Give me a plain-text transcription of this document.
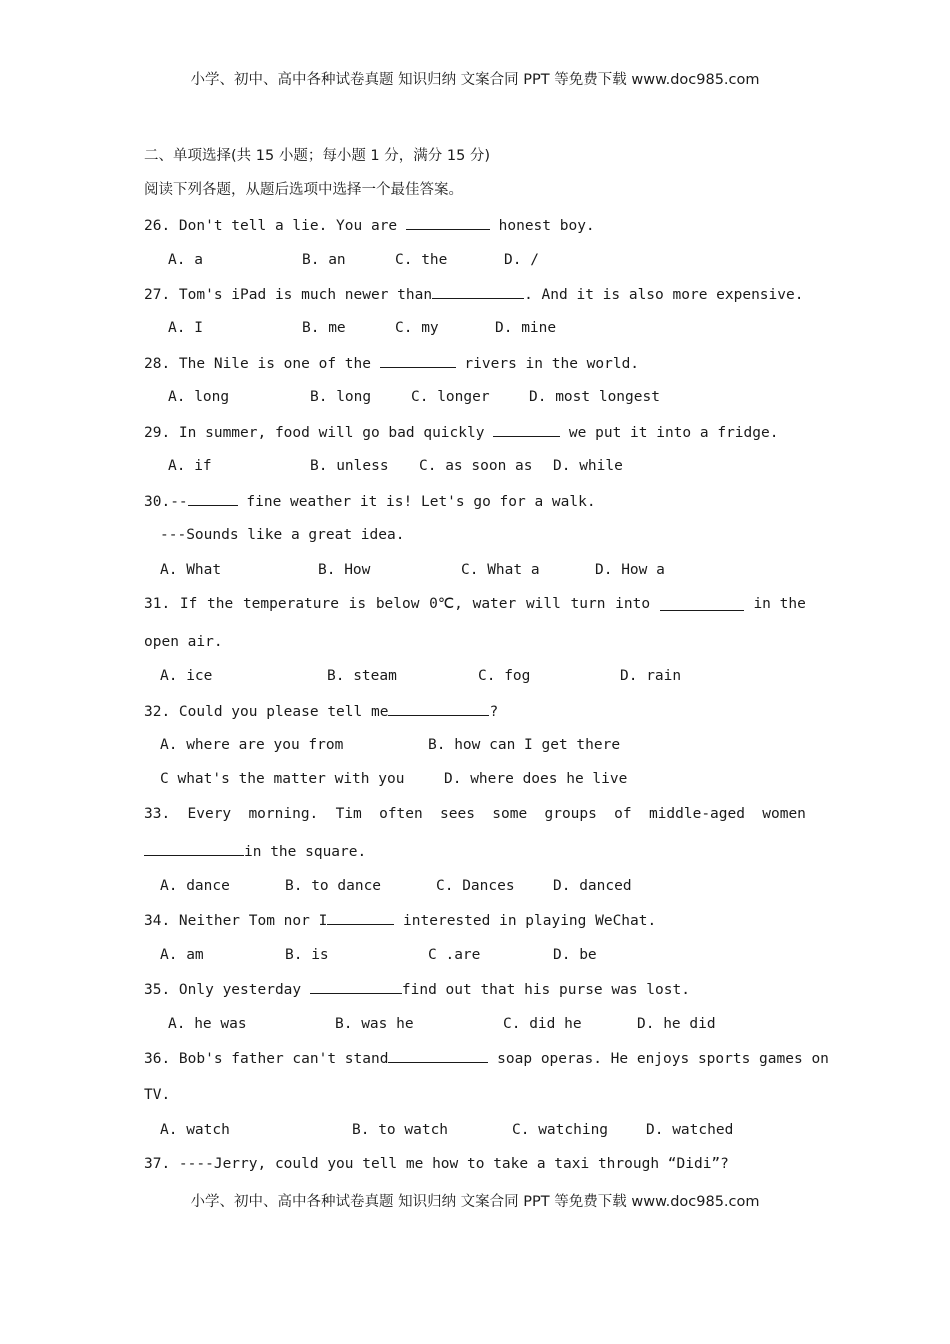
小学、初中、高中各种试卷真题 知识归纳 文案合同 PPT 等免费下载 www.doc985.com
二、单项选择(共 15 小题；每小题 1 分，满分 15 分)
阅读下列各题，从题后选项中选择一个最佳答案。
26. Don't tell a lie. You are	honest boy.
A. a	B. an	C. the	D. /
27. Tom's iPad is much newer than	. And it is also more expensive.
A. I	B. me	C. my	D. mine
28. The Nile is one of the	rivers in the world.
A. long	B. long	C. longer	D. most longest
29. In summer, food will go bad quickly	we put it into a fridge.
A. if	B. unless C. as soon as D. while
30.--	fine weather it is! Let's go for a walk.
---Sounds like a great idea.
A. What	B. How	C. What a	D. How a
31. If the temperature is below 0℃, water will turn into	in the
open air.
A. ice	B. steam	C. fog	D. rain
32. Could you please tell me	?
A. where are you from	B. how can I get there
C what's the matter with you	D. where does he live
33. Every morning. Tim often sees some groups of middle-aged women
in the square.
A. dance	B. to dance	C. Dances	D. danced
34. Neither Tom nor I	interested in playing WeChat.
A. am	B. is	C .are	D. be
35. Only yesterday	find out that his purse was lost.
A. he was	B. was he	C. did he	D. he did
36. Bob's father can't stand	soap operas. He enjoys sports games on
TV.
A. watch	B. to watch	C. watching	D. watched
37. ----Jerry, could you tell me how to take a taxi through “Didi”?
小学、初中、高中各种试卷真题 知识归纳 文案合同 PPT 等免费下载 www.doc985.com
